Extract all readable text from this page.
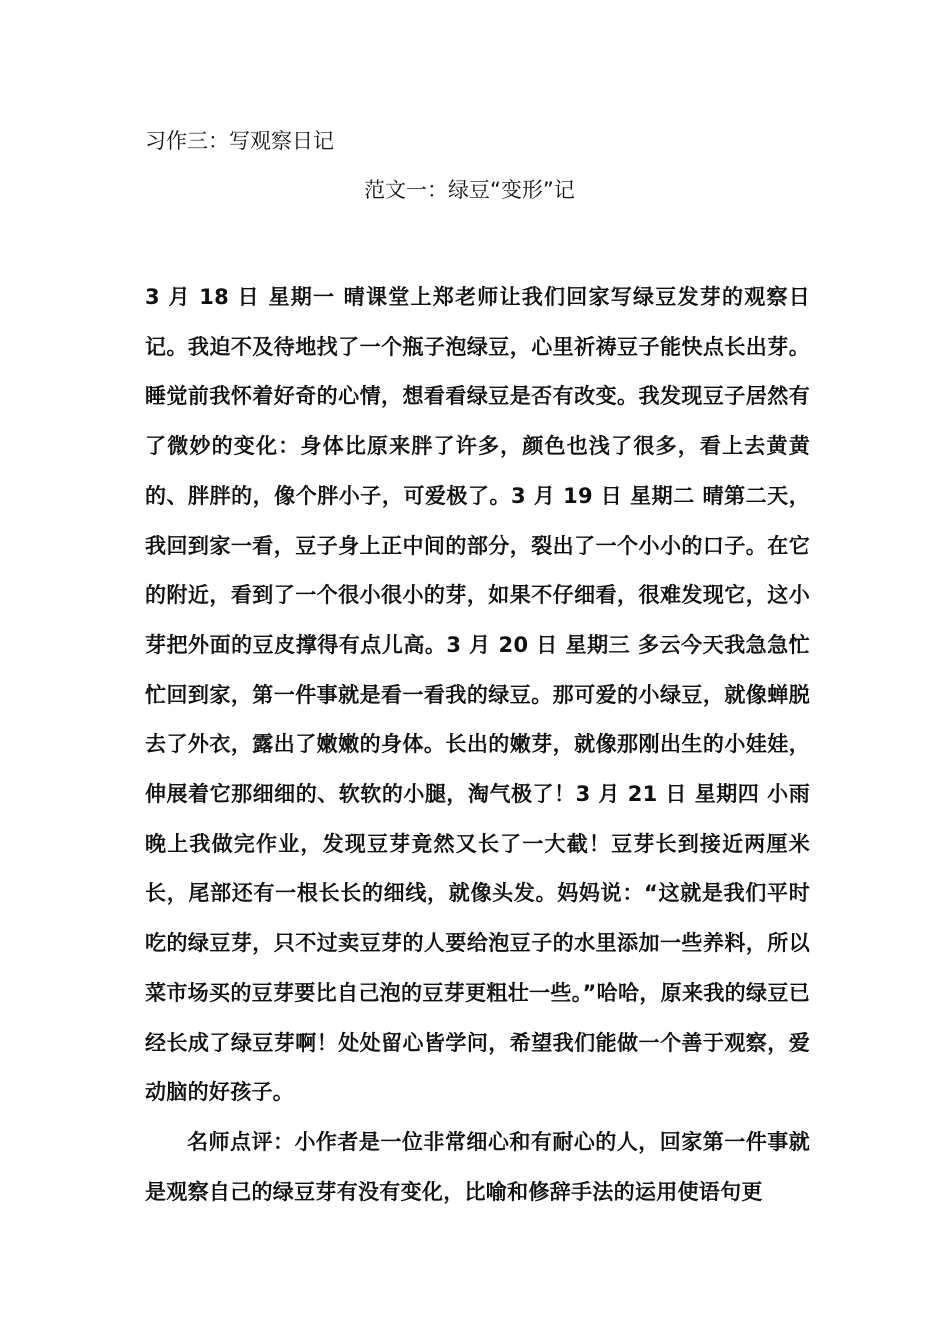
习作三：写观察日记
范文一：绿豆“变形”记
3 月 18 日 星期一 晴课堂上郑老师让我们回家写绿豆发芽的观察日记。我迫不及待地找了一个瓶子泡绿豆，心里祈祷豆子能快点长出芽。睡觉前我怀着好奇的心情，想看看绿豆是否有改变。我发现豆子居然有了微妙的变化：身体比原来胖了许多，颜色也浅了很多，看上去黄黄的、胖胖的，像个胖小子，可爱极了。3 月 19 日 星期二 晴第二天，我回到家一看，豆子身上正中间的部分，裂出了一个小小的口子。在它的附近，看到了一个很小很小的芽，如果不仔细看，很难发现它，这小芽把外面的豆皮撑得有点儿高。3 月 20 日 星期三 多云今天我急急忙忙回到家，第一件事就是看一看我的绿豆。那可爱的小绿豆，就像蝉脱去了外衣，露出了嫩嫩的身体。长出的嫩芽，就像那刚出生的小娃娃，伸展着它那细细的、软软的小腿，淘气极了！3 月 21 日 星期四 小雨晚上我做完作业，发现豆芽竟然又长了一大截！豆芽长到接近两厘米长，尾部还有一根长长的细线，就像头发。妈妈说：“这就是我们平时吃的绿豆芽，只不过卖豆芽的人要给泡豆子的水里添加一些养料，所以菜市场买的豆芽要比自己泡的豆芽更粗壮一些。”哈哈，原来我的绿豆已经长成了绿豆芽啊！处处留心皆学问，希望我们能做一个善于观察，爱动脑的好孩子。
名师点评：小作者是一位非常细心和有耐心的人，回家第一件事就是观察自己的绿豆芽有没有变化，比喻和修辞手法的运用使语句更
